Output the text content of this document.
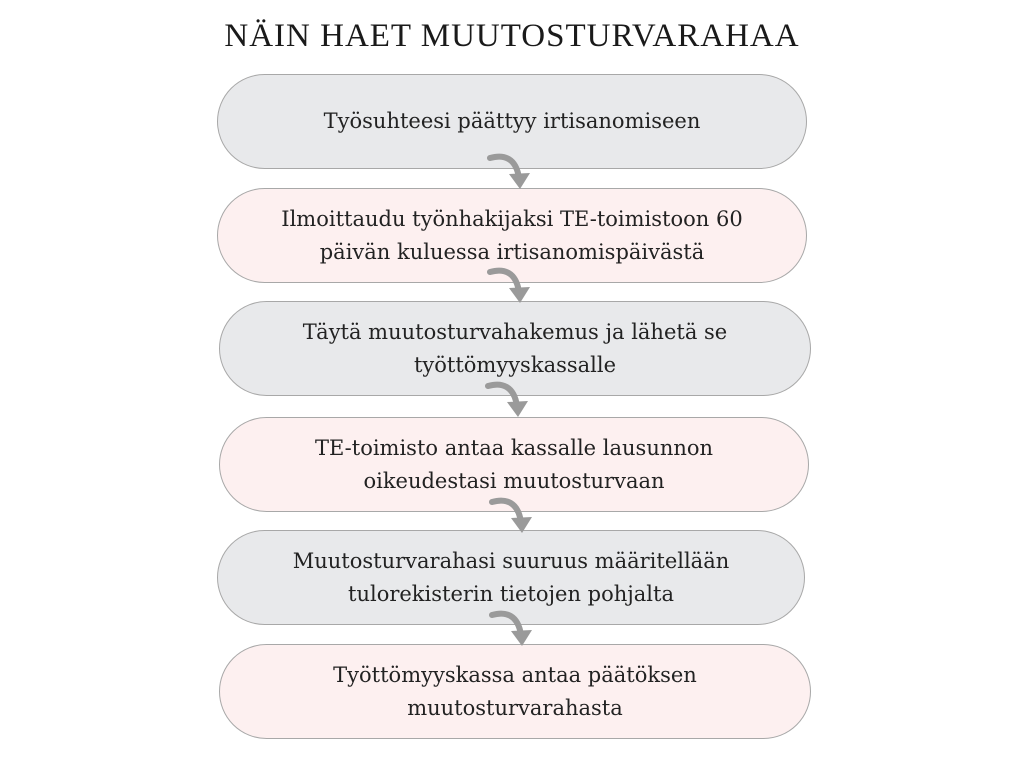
NÄIN HAET MUUTOSTURVARAHAA
Työsuhteesi päättyy irtisanomiseen
Ilmoittaudu työnhakijaksi TE-toimistoon 60 päivän kuluessa irtisanomispäivästä
Täytä muutosturvahakemus ja lähetä se työttömyyskassalle
TE-toimisto antaa kassalle lausunnon oikeudestasi muutosturvaan
Muutosturvarahasi suuruus määritellään tulorekisterin tietojen pohjalta
Työttömyyskassa antaa päätöksen muutosturvarahasta
